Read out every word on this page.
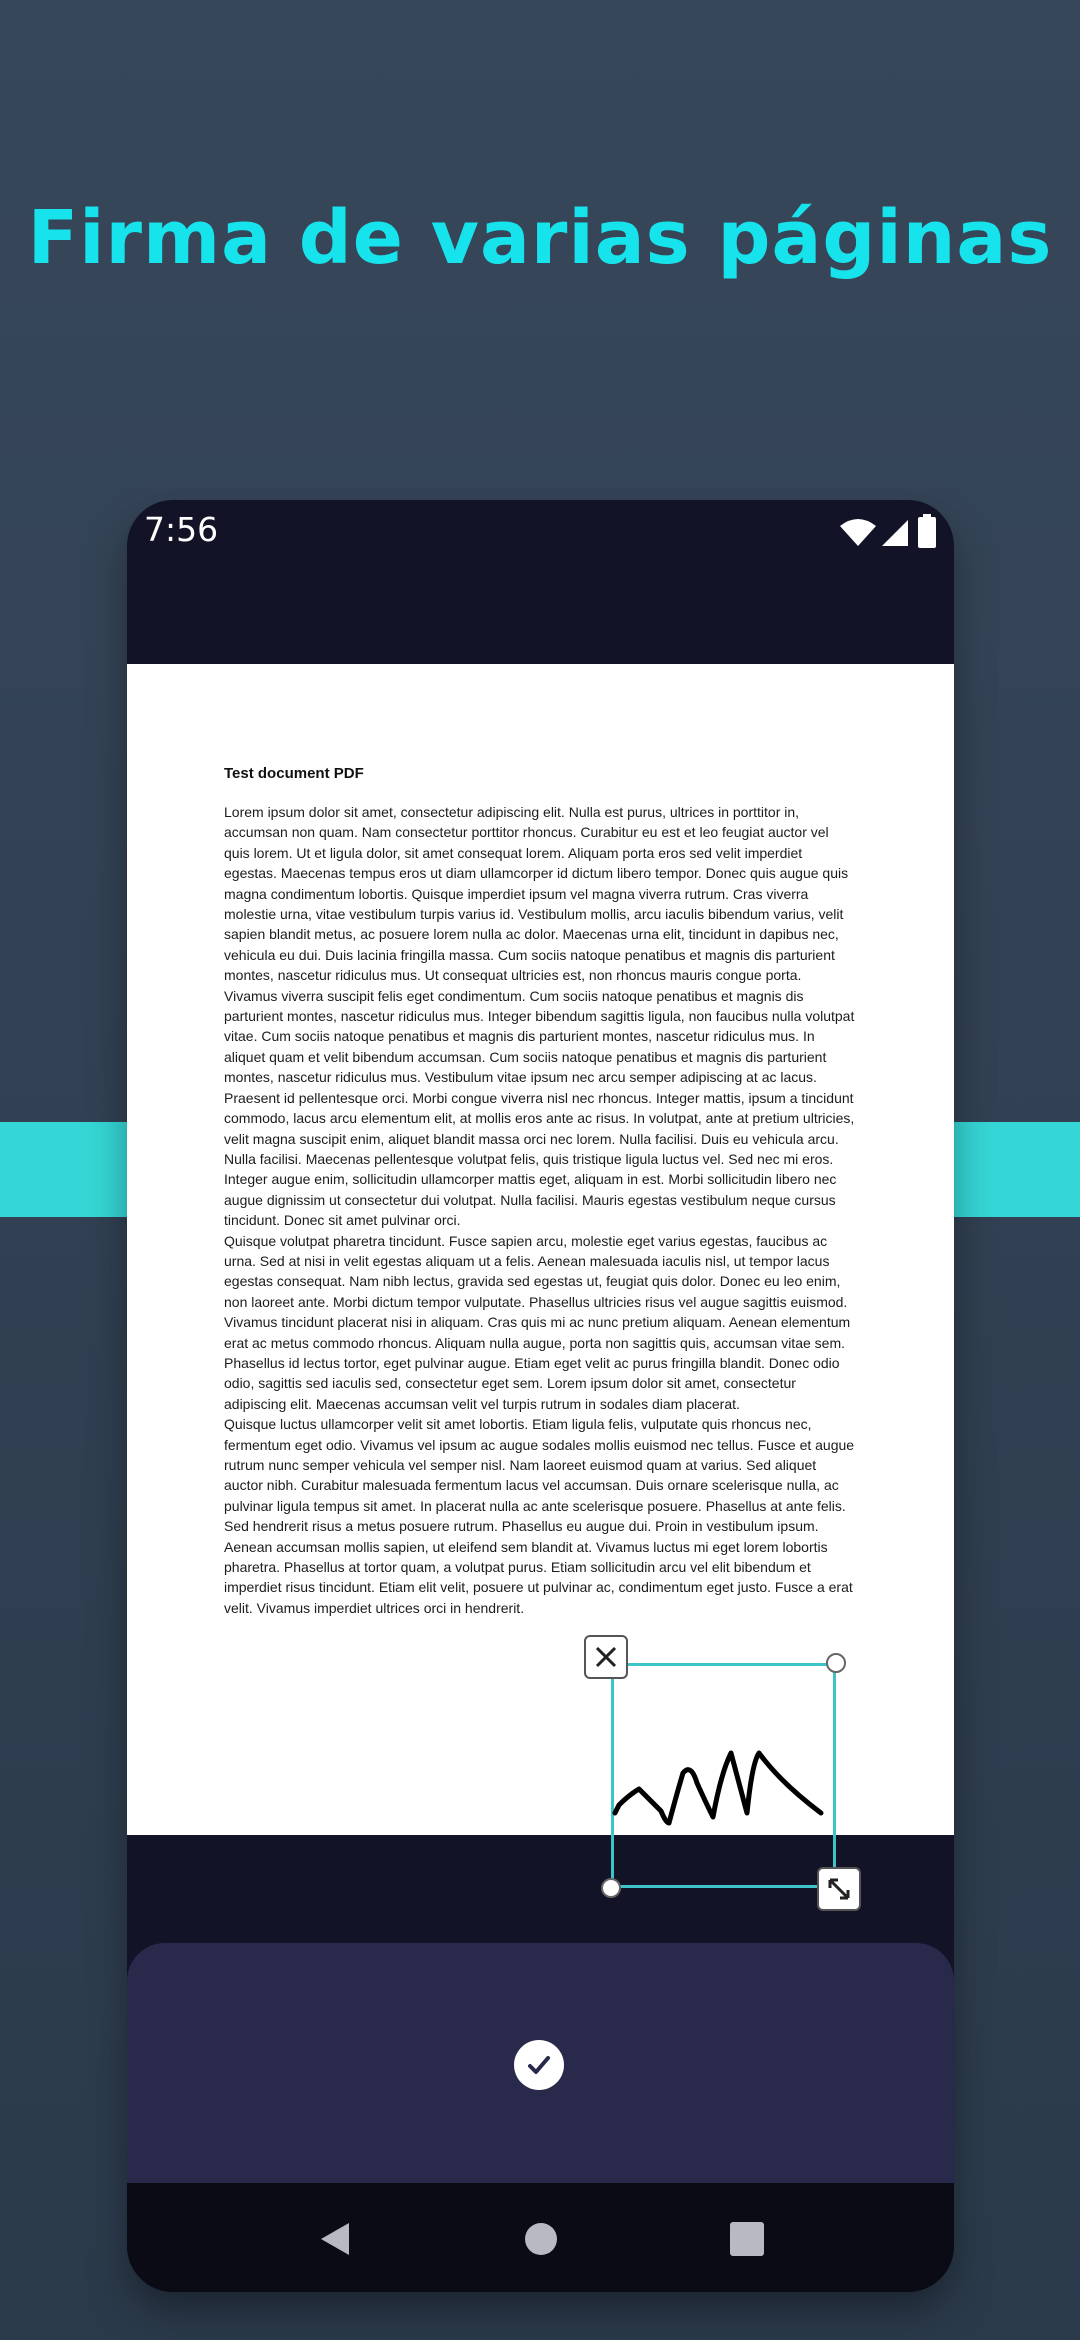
Firma de varias páginas
7:56
Test document PDF

Lorem ipsum dolor sit amet, consectetur adipiscing elit. Nulla est purus, ultrices in porttitor in, accumsan non quam. Nam consectetur porttitor rhoncus. Curabitur eu est et leo feugiat auctor vel quis lorem. Ut et ligula dolor, sit amet consequat lorem. Aliquam porta eros sed velit imperdiet egestas. Maecenas tempus eros ut diam ullamcorper id dictum libero tempor. Donec quis augue quis magna condimentum lobortis. Quisque imperdiet ipsum vel magna viverra rutrum. Cras viverra molestie urna, vitae vestibulum turpis varius id. Vestibulum mollis, arcu iaculis bibendum varius, velit sapien blandit metus, ac posuere lorem nulla ac dolor. Maecenas urna elit, tincidunt in dapibus nec, vehicula eu dui. Duis lacinia fringilla massa. Cum sociis natoque penatibus et magnis dis parturient montes, nascetur ridiculus mus. Ut consequat ultricies est, non rhoncus mauris congue porta. Vivamus viverra suscipit felis eget condimentum. Cum sociis natoque penatibus et magnis dis parturient montes, nascetur ridiculus mus. Integer bibendum sagittis ligula, non faucibus nulla volutpat vitae. Cum sociis natoque penatibus et magnis dis parturient montes, nascetur ridiculus mus. In aliquet quam et velit bibendum accumsan. Cum sociis natoque penatibus et magnis dis parturient montes, nascetur ridiculus mus. Vestibulum vitae ipsum nec arcu semper adipiscing at ac lacus. Praesent id pellentesque orci. Morbi congue viverra nisl nec rhoncus. Integer mattis, ipsum a tincidunt commodo, lacus arcu elementum elit, at mollis eros ante ac risus. In volutpat, ante at pretium ultricies, velit magna suscipit enim, aliquet blandit massa orci nec lorem. Nulla facilisi. Duis eu vehicula arcu. Nulla facilisi. Maecenas pellentesque volutpat felis, quis tristique ligula luctus vel. Sed nec mi eros. Integer augue enim, sollicitudin ullamcorper mattis eget, aliquam in est. Morbi sollicitudin libero nec augue dignissim ut consectetur dui volutpat. Nulla facilisi. Mauris egestas vestibulum neque cursus tincidunt. Donec sit amet pulvinar orci.
Quisque volutpat pharetra tincidunt. Fusce sapien arcu, molestie eget varius egestas, faucibus ac urna. Sed at nisi in velit egestas aliquam ut a felis. Aenean malesuada iaculis nisl, ut tempor lacus egestas consequat. Nam nibh lectus, gravida sed egestas ut, feugiat quis dolor. Donec eu leo enim, non laoreet ante. Morbi dictum tempor vulputate. Phasellus ultricies risus vel augue sagittis euismod. Vivamus tincidunt placerat nisi in aliquam. Cras quis mi ac nunc pretium aliquam. Aenean elementum erat ac metus commodo rhoncus. Aliquam nulla augue, porta non sagittis quis, accumsan vitae sem. Phasellus id lectus tortor, eget pulvinar augue. Etiam eget velit ac purus fringilla blandit. Donec odio odio, sagittis sed iaculis sed, consectetur eget sem. Lorem ipsum dolor sit amet, consectetur adipiscing elit. Maecenas accumsan velit vel turpis rutrum in sodales diam placerat.
Quisque luctus ullamcorper velit sit amet lobortis. Etiam ligula felis, vulputate quis rhoncus nec, fermentum eget odio. Vivamus vel ipsum ac augue sodales mollis euismod nec tellus. Fusce et augue rutrum nunc semper vehicula vel semper nisl. Nam laoreet euismod quam at varius. Sed aliquet auctor nibh. Curabitur malesuada fermentum lacus vel accumsan. Duis ornare scelerisque nulla, ac pulvinar ligula tempus sit amet. In placerat nulla ac ante scelerisque posuere. Phasellus at ante felis. Sed hendrerit risus a metus posuere rutrum. Phasellus eu augue dui. Proin in vestibulum ipsum. Aenean accumsan mollis sapien, ut eleifend sem blandit at. Vivamus luctus mi eget lorem lobortis pharetra. Phasellus at tortor quam, a volutpat purus. Etiam sollicitudin arcu vel elit bibendum et imperdiet risus tincidunt. Etiam elit velit, posuere ut pulvinar ac, condimentum eget justo. Fusce a erat velit. Vivamus imperdiet ultrices orci in hendrerit.
